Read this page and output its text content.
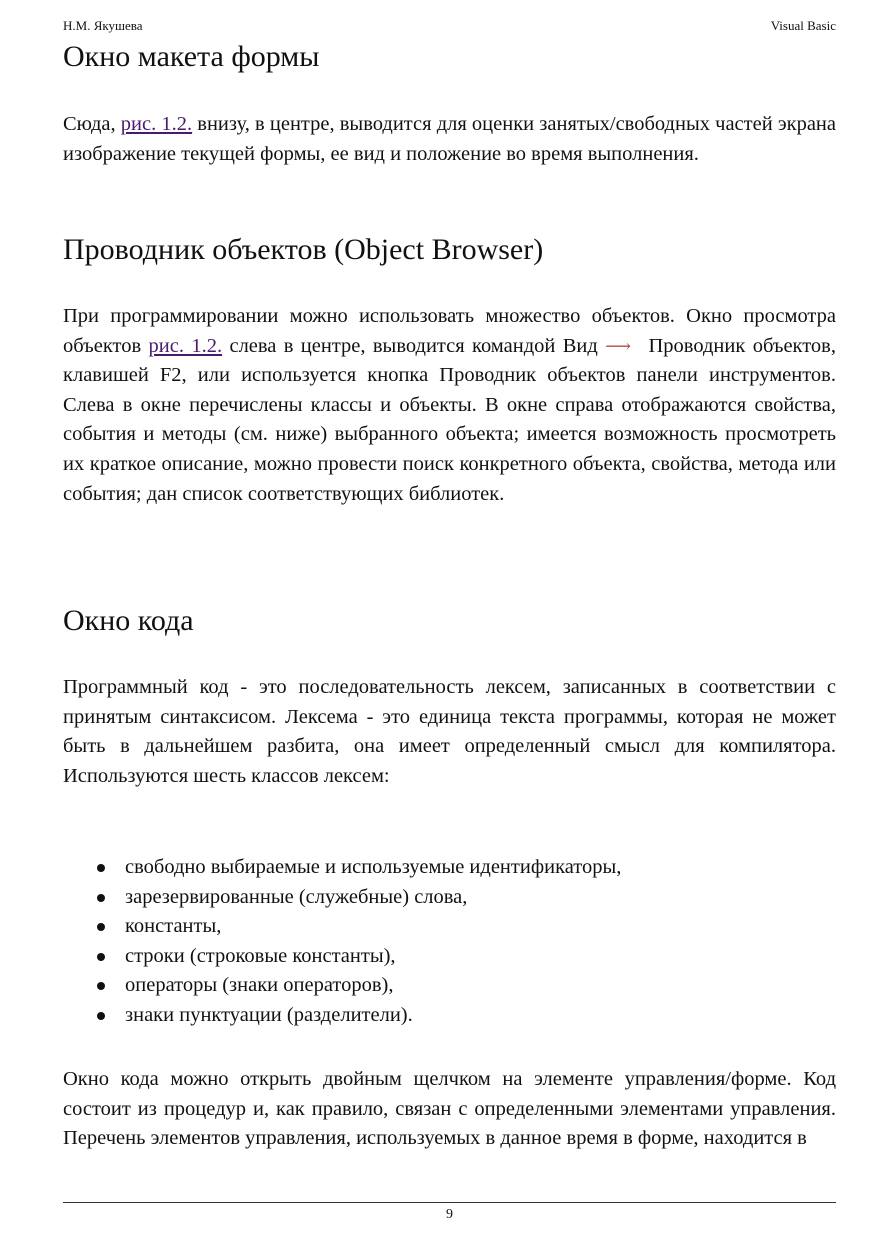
Н.М. Якушева	Visual Basic
Окно макета формы

Сюда, рис. 1.2. внизу, в центре, выводится для оценки занятых/свободных частей экрана изображение текущей формы, ее вид и положение во время выполнения.

Проводник объектов (Object Browser)

При программировании можно использовать множество объектов. Окно просмотра объектов рис. 1.2. слева в центре, выводится командой Вид ⟶ Проводник объектов, клавишей F2, или используется кнопка Проводник объектов панели инструментов. Слева в окне перечислены классы и объекты. В окне справа отображаются свойства, события и методы (см. ниже) выбранного объекта; имеется возможность просмотреть их краткое описание, можно провести поиск конкретного объекта, свойства, метода или события; дан список соответствующих библиотек.

Окно кода

Программный код - это последовательность лексем, записанных в соответствии с принятым синтаксисом. Лексема - это единица текста программы, которая не может быть в дальнейшем разбита, она имеет определенный смысл для компилятора. Используются шесть классов лексем:

свободно выбираемые и используемые идентификаторы,
зарезервированные (служебные) слова,
константы,
строки (строковые константы),
операторы (знаки операторов),
знаки пунктуации (разделители).

Окно кода можно открыть двойным щелчком на элементе управления/форме. Код состоит из процедур и, как правило, связан с определенными элементами управления. Перечень элементов управления, используемых в данное время в форме, находится в

9
